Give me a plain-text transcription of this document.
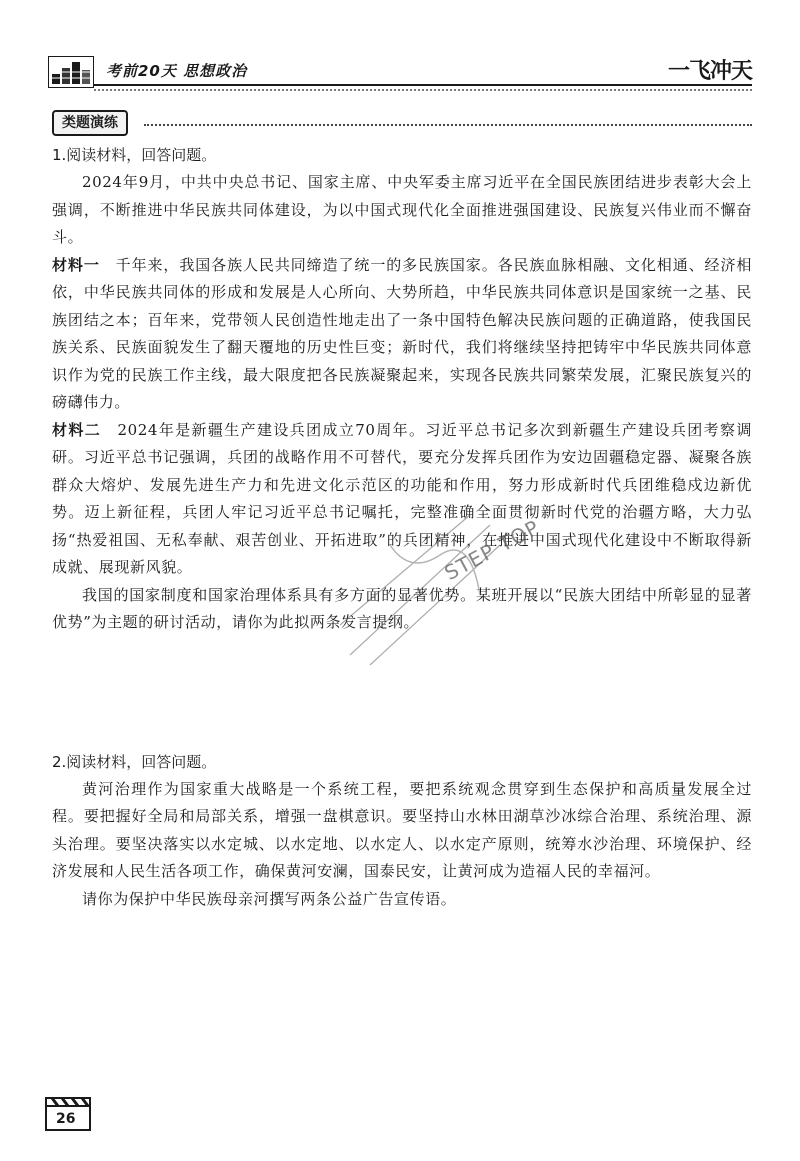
考前20天 思想政治	一飞冲天
类题演练

1.阅读材料，回答问题。

2024年9月，中共中央总书记、国家主席、中央军委主席习近平在全国民族团结进步表彰大会上强调，不断推进中华民族共同体建设，为以中国式现代化全面推进强国建设、民族复兴伟业而不懈奋斗。

材料一　 千年来，我国各族人民共同缔造了统一的多民族国家。各民族血脉相融、文化相通、经济相依，中华民族共同体的形成和发展是人心所向、大势所趋，中华民族共同体意识是国家统一之基、民族团结之本；百年来，党带领人民创造性地走出了一条中国特色解决民族问题的正确道路，使我国民族关系、民族面貌发生了翻天覆地的历史性巨变；新时代，我们将继续坚持把铸牢中华民族共同体意识作为党的民族工作主线，最大限度把各民族凝聚起来，实现各民族共同繁荣发展，汇聚民族复兴的磅礴伟力。

材料二　 2024年是新疆生产建设兵团成立70周年。习近平总书记多次到新疆生产建设兵团考察调研。习近平总书记强调，兵团的战略作用不可替代，要充分发挥兵团作为安边固疆稳定器、凝聚各族群众大熔炉、发展先进生产力和先进文化示范区的功能和作用，努力形成新时代兵团维稳戍边新优势。迈上新征程，兵团人牢记习近平总书记嘱托，完整准确全面贯彻新时代党的治疆方略，大力弘扬“热爱祖国、无私奉献、艰苦创业、开拓进取”的兵团精神，在推进中国式现代化建设中不断取得新成就、展现新风貌。

我国的国家制度和国家治理体系具有多方面的显著优势。某班开展以“民族大团结中所彰显的显著优势”为主题的研讨活动，请你为此拟两条发言提纲。

2.阅读材料，回答问题。

黄河治理作为国家重大战略是一个系统工程，要把系统观念贯穿到生态保护和高质量发展全过程。要把握好全局和局部关系，增强一盘棋意识。要坚持山水林田湖草沙冰综合治理、系统治理、源头治理。要坚决落实以水定城、以水定地、以水定人、以水定产原则，统筹水沙治理、环境保护、经济发展和人民生活各项工作，确保黄河安澜，国泰民安，让黄河成为造福人民的幸福河。

请你为保护中华民族母亲河撰写两条公益广告宣传语。

STEP TOP
26
